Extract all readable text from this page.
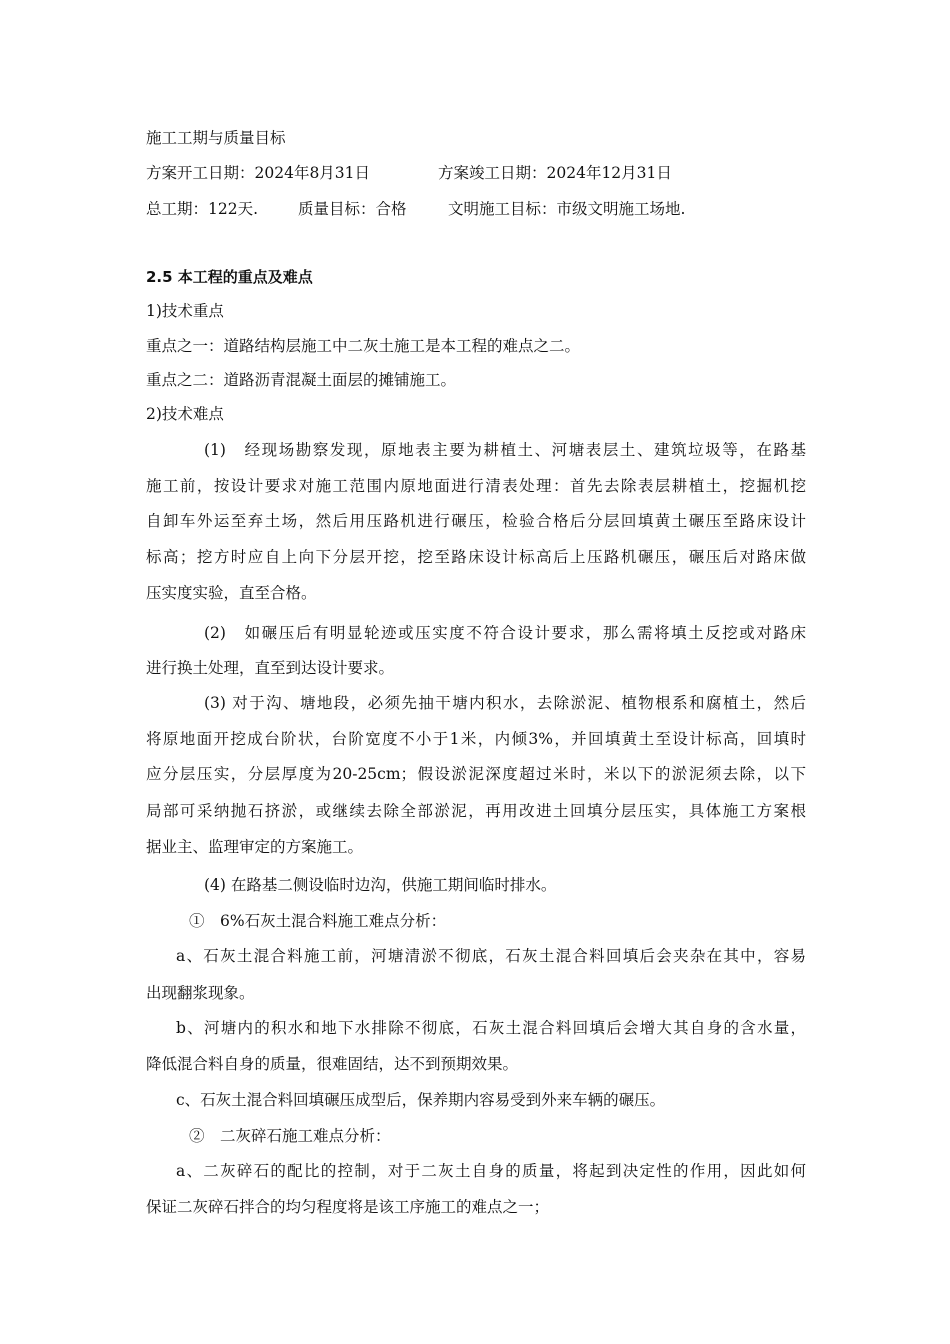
施工工期与质量目标
方案开工日期：2024年8月31日	方案竣工日期：2024年12月31日
总工期：122天.	质量目标：合格	文明施工目标：市级文明施工场地.
2.5 本工程的重点及难点
1)技术重点
重点之一：道路结构层施工中二灰土施工是本工程的难点之二。
重点之二：道路沥青混凝土面层的摊铺施工。
2)技术难点
(1)　经现场勘察发现，原地表主要为耕植土、河塘表层土、建筑垃圾等，在路基
施工前，按设计要求对施工范围内原地面进行清表处理：首先去除表层耕植土，挖掘机挖
自卸车外运至弃土场，然后用压路机进行碾压，检验合格后分层回填黄土碾压至路床设计
标高；挖方时应自上向下分层开挖，挖至路床设计标高后上压路机碾压，碾压后对路床做
压实度实验，直至合格。
(2)　如碾压后有明显轮迹或压实度不符合设计要求，那么需将填土反挖或对路床
进行换土处理，直至到达设计要求。
(3) 对于沟、塘地段，必须先抽干塘内积水，去除淤泥、植物根系和腐植土，然后
将原地面开挖成台阶状，台阶宽度不小于1米，内倾3%，并回填黄土至设计标高，回填时
应分层压实，分层厚度为20-25cm；假设淤泥深度超过米时，米以下的淤泥须去除，以下
局部可采纳抛石挤淤，或继续去除全部淤泥，再用改进土回填分层压实，具体施工方案根
据业主、监理审定的方案施工。
(4) 在路基二侧设临时边沟，供施工期间临时排水。
①　6%石灰土混合料施工难点分析：
a、石灰土混合料施工前，河塘清淤不彻底，石灰土混合料回填后会夹杂在其中，容易
出现翻浆现象。
b、河塘内的积水和地下水排除不彻底，石灰土混合料回填后会增大其自身的含水量，
降低混合料自身的质量，很难固结，达不到预期效果。
c、石灰土混合料回填碾压成型后，保养期内容易受到外来车辆的碾压。
②　二灰碎石施工难点分析：
a、二灰碎石的配比的控制，对于二灰土自身的质量，将起到决定性的作用，因此如何
保证二灰碎石拌合的均匀程度将是该工序施工的难点之一；
